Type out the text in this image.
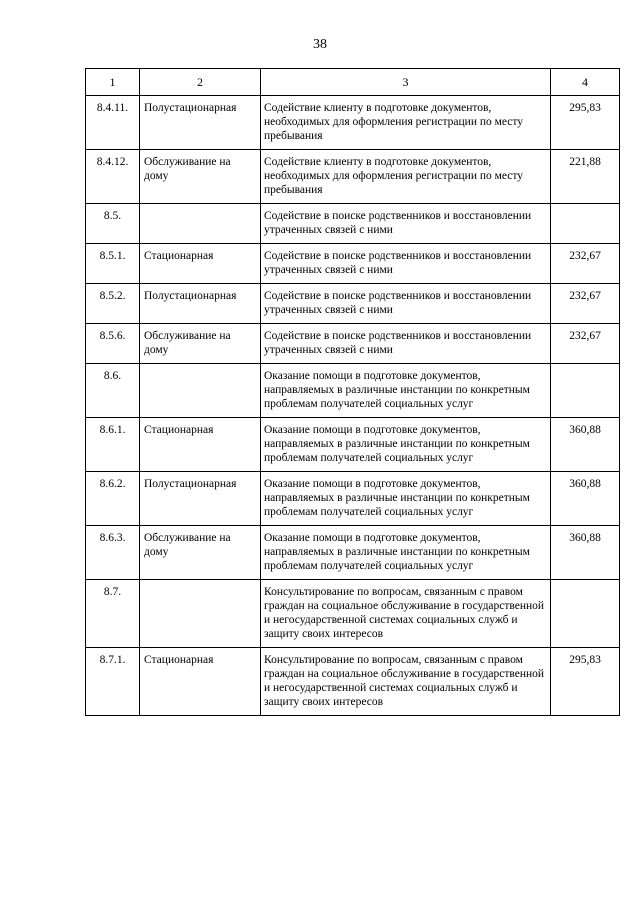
38
1	2	3	4
8.4.11.	Полустационарная	Содействие клиенту в подготовке документов, необходимых для оформления регистрации по месту пребывания	295,83
8.4.12.	Обслуживание на дому	Содействие клиенту в подготовке документов, необходимых для оформления регистрации по месту пребывания	221,88
8.5.		Содействие в поиске родственников и восстановлении утраченных связей с ними	
8.5.1.	Стационарная	Содействие в поиске родственников и восстановлении утраченных связей с ними	232,67
8.5.2.	Полустационарная	Содействие в поиске родственников и восстановлении утраченных связей с ними	232,67
8.5.6.	Обслуживание на дому	Содействие в поиске родственников и восстановлении утраченных связей с ними	232,67
8.6.		Оказание помощи в подготовке документов, направляемых в различные инстанции по конкретным проблемам получателей социальных услуг	
8.6.1.	Стационарная	Оказание помощи в подготовке документов, направляемых в различные инстанции по конкретным проблемам получателей социальных услуг	360,88
8.6.2.	Полустационарная	Оказание помощи в подготовке документов, направляемых в различные инстанции по конкретным проблемам получателей социальных услуг	360,88
8.6.3.	Обслуживание на дому	Оказание помощи в подготовке документов, направляемых в различные инстанции по конкретным проблемам получателей социальных услуг	360,88
8.7.		Консультирование по вопросам, связанным с правом граждан на социальное обслуживание в государственной и негосударственной системах социальных служб и защиту своих интересов	
8.7.1.	Стационарная	Консультирование по вопросам, связанным с правом граждан на социальное обслуживание в государственной и негосударственной системах социальных служб и защиту своих интересов	295,83
